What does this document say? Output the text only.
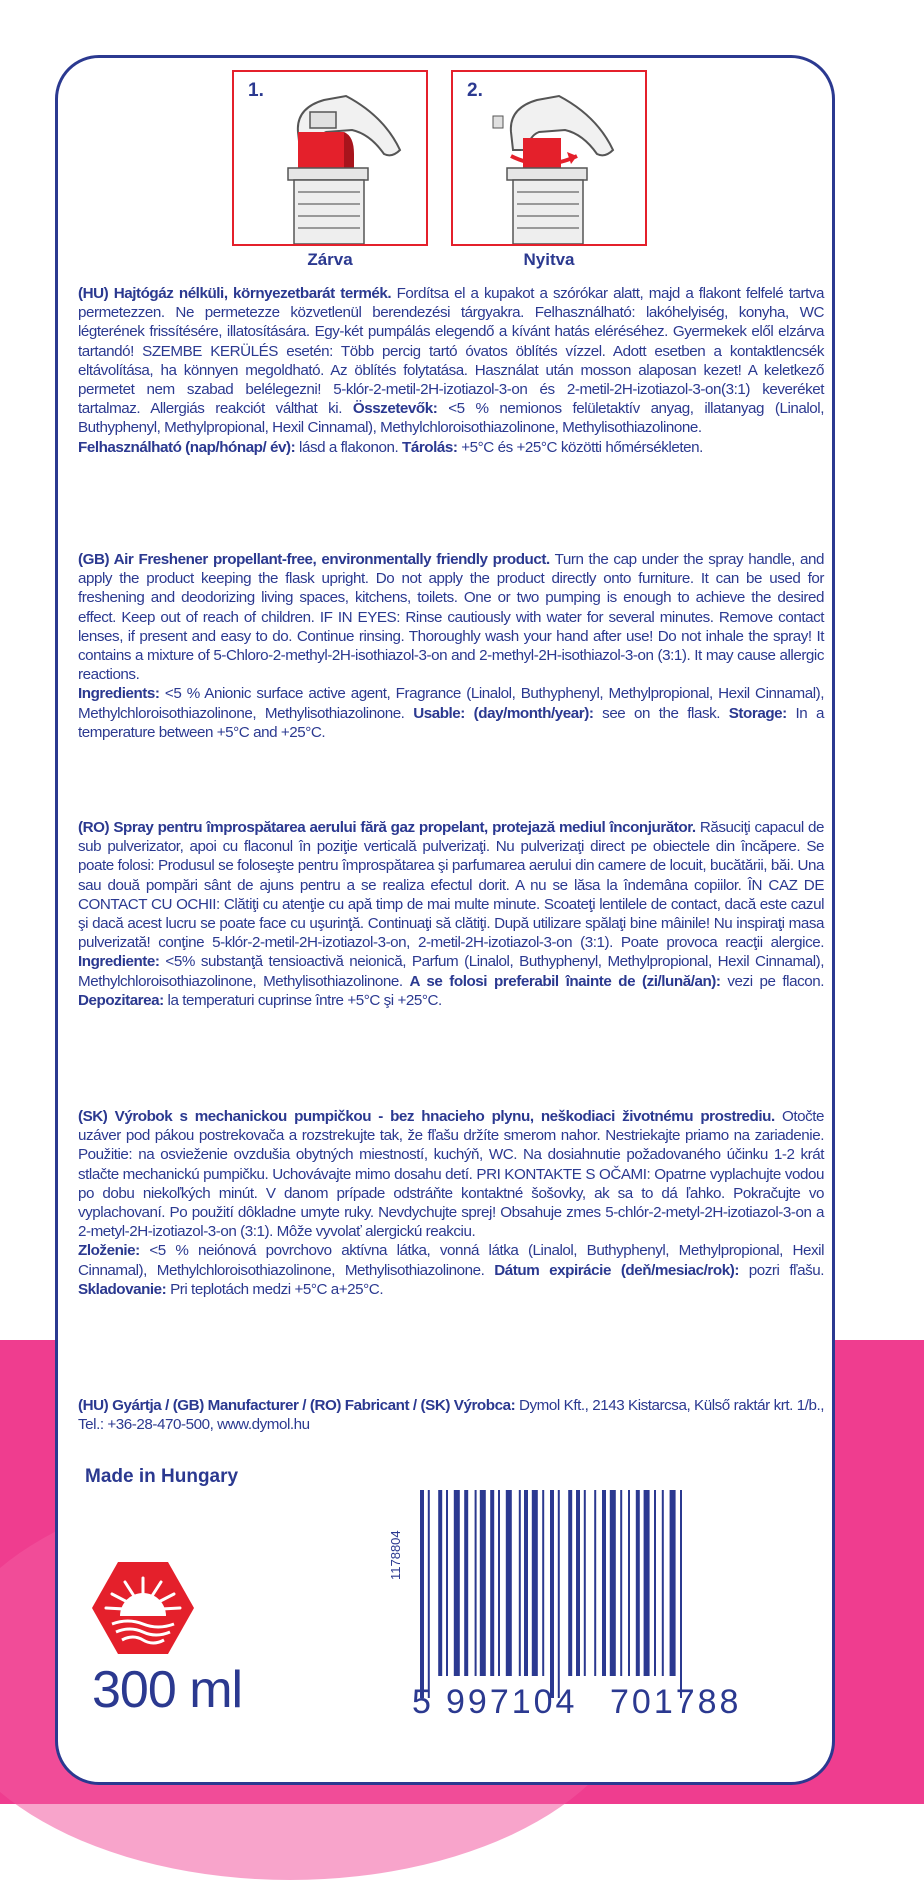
1.
Zárva
2.
Nyitva

(HU) Hajtógáz nélküli, környezetbarát termék. Fordítsa el a kupakot a szórókar alatt, majd a flakont felfelé tartva permetezzen. Ne permetezze közvetlenül berendezési tárgyakra. Felhasználható: lakóhelyiség, konyha, WC légterének frissítésére, illatosítására. Egy-két pumpálás elegendő a kívánt hatás eléréséhez. Gyermekek elől elzárva tartandó! SZEMBE KERÜLÉS esetén: Több percig tartó óvatos öblítés vízzel. Adott esetben a kontaktlencsék eltávolítása, ha könnyen megoldható. Az öblítés folytatása. Használat után mosson alaposan kezet! A keletkező permetet nem szabad belélegezni! 5-klór-2-metil-2H-izotiazol-3-on és 2-metil-2H-izotiazol-3-on(3:1) keveréket tartalmaz. Allergiás reakciót válthat ki. Összetevők: <5 % nemionos felületaktív anyag, illatanyag (Linalol, Buthyphenyl, Methylpropional, Hexil Cinnamal), Methylchloroisothiazolinone, Methylisothiazolinone.
Felhasználható (nap/hónap/ év): lásd a flakonon. Tárolás: +5°C és +25°C közötti hőmérsékleten.

(GB) Air Freshener propellant-free, environmentally friendly product. Turn the cap under the spray handle, and apply the product keeping the flask upright. Do not apply the product directly onto furniture. It can be used for freshening and deodorizing living spaces, kitchens, toilets. One or two pumping is enough to achieve the desired effect. Keep out of reach of children. IF IN EYES: Rinse cautiously with water for several minutes. Remove contact lenses, if present and easy to do. Continue rinsing. Thoroughly wash your hand after use! Do not inhale the spray! It contains a mixture of 5-Chloro-2-methyl-2H-isothiazol-3-on and 2-methyl-2H-isothiazol-3-on (3:1). It may cause allergic reactions.
Ingredients: <5 % Anionic surface active agent, Fragrance (Linalol, Buthyphenyl, Methylpropional, Hexil Cinnamal), Methylchloroisothiazolinone, Methylisothiazolinone. Usable: (day/month/year): see on the flask. Storage: In a temperature between +5°C and +25°C.

(RO) Spray pentru împrospătarea aerului fără gaz propelant, protejază mediul înconjurător. Răsuciţi capacul de sub pulverizator, apoi cu flaconul în poziţie verticală pulverizaţi. Nu pulverizaţi direct pe obiectele din încăpere. Se poate folosi: Produsul se foloseşte pentru împrospătarea şi parfumarea aerului din camere de locuit, bucătării, băi. Una sau două pompări sânt de ajuns pentru a se realiza efectul dorit. A nu se lăsa la îndemâna copiilor. ÎN CAZ DE CONTACT CU OCHII: Clătiţi cu atenţie cu apă timp de mai multe minute. Scoateţi lentilele de contact, dacă este cazul şi dacă acest lucru se poate face cu uşurinţă. Continuaţi să clătiţi. După utilizare spălaţi bine mâinile! Nu inspiraţi masa pulverizată! conţine 5-klór-2-metil-2H-izotiazol-3-on, 2-metil-2H-izotiazol-3-on (3:1). Poate provoca reacţii alergice. Ingrediente: <5% substanţă tensioactivă neionică, Parfum (Linalol, Buthyphenyl, Methylpropional, Hexil Cinnamal), Methylchloroisothiazolinone, Methylisothiazolinone. A se folosi preferabil înainte de (zi/lună/an): vezi pe flacon. Depozitarea: la temperaturi cuprinse între +5°C şi +25°C.

(SK) Výrobok s mechanickou pumpičkou - bez hnacieho plynu, neškodiaci životnému prostrediu. Otočte uzáver pod pákou postrekovača a rozstrekujte tak, že fľašu držíte smerom nahor. Nestriekajte priamo na zariadenie. Použitie: na osvieženie ovzdušia obytných miestností, kuchýň, WC. Na dosiahnutie požadovaného účinku 1-2 krát stlačte mechanickú pumpičku. Uchovávajte mimo dosahu detí. PRI KONTAKTE S OČAMI: Opatrne vyplachujte vodou po dobu niekoľkých minút. V danom prípade odstráňte kontaktné šošovky, ak sa to dá ľahko. Pokračujte vo vyplachovaní. Po použití dôkladne umyte ruky. Nevdychujte sprej! Obsahuje zmes 5-chlór-2-metyl-2H-izotiazol-3-on a 2-metyl-2H-izotiazol-3-on (3:1). Môže vyvolať alergickú reakciu.
Zloženie: <5 % neiónová povrchovo aktívna látka, vonná látka (Linalol, Buthyphenyl, Methylpropional, Hexil Cinnamal), Methylchloroisothiazolinone, Methylisothiazolinone. Dátum expirácie (deň/mesiac/rok): pozri fľašu. Skladovanie: Pri teplotách medzi +5°C a+25°C.

(HU) Gyártja / (GB) Manufacturer / (RO) Fabricant / (SK) Výrobca: Dymol Kft., 2143 Kistarcsa, Külső raktár krt. 1/b., Tel.: +36-28-470-500, www.dymol.hu

Made in Hungary
300 ml
1178804
5 997104 701788
